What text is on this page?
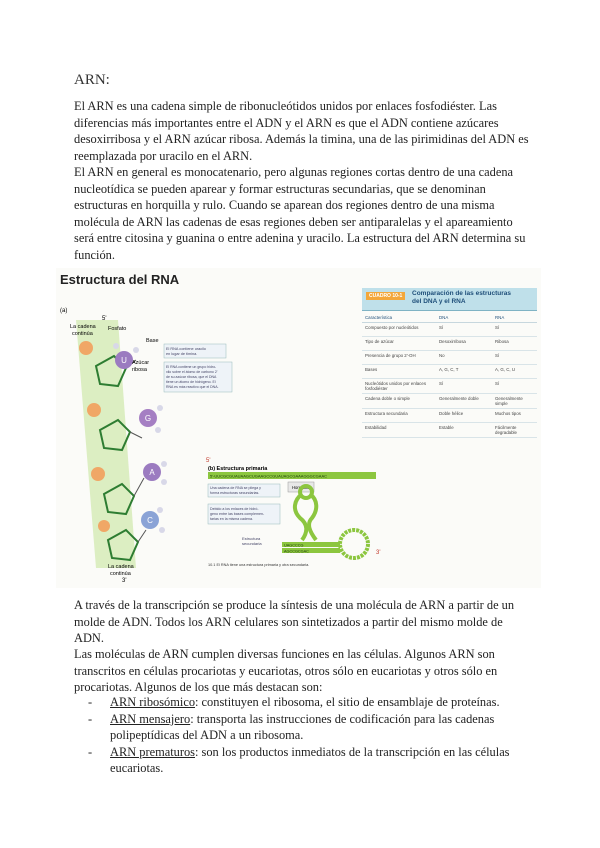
ARN:

El ARN es una cadena simple de ribonucleótidos unidos por enlaces fosfodiéster. Las diferencias más importantes entre el ADN y el ARN es que el ADN contiene azúcares desoxirribosa y el ARN azúcar ribosa. Además la timina, una de las pirimidinas del ADN es reemplazada por uracilo en el ARN.

El ARN en general es monocatenario, pero algunas regiones cortas dentro de una cadena nucleotídica se pueden aparear y formar estructuras secundarias, que se denominan estructuras en horquilla y rulo. Cuando se aparean dos regiones dentro de una misma molécula de ARN las cadenas de esas regiones deben ser antiparalelas y el apareamiento será entre citosina y guanina o entre adenina y uracilo. La estructura del ARN determina su función.

U
G
A
C
(a)
5'
La cadena
continúa
Fosfato
Base
Azúcar
ribosa
El RNA contiene uracilo
en lugar de timina.
El RNA contiene un grupo hidro-
xilo sobre el átomo de carbono 2'
de su azúcar ribosa, que el DNA
tiene un átomo de hidrógeno. El
RNA es más reactivo que el DNA.
La cadena
continúa
3'
5'
(b) Estructura primaria
5'-UUCGCGUAUAAGCUGAAGCCGUAUAGCGAAAGGGCGAAC
Una cadena de RNA se pliega y
forma estructuras secundarias.
Horquilla
Debido a los enlaces de hidró-
geno entre las bases complemen-
tarias en la misma cadena.
UAGCCCG
AGCCGCGAC	3'
Estructura
secundaria
10.1 El RNA tiene una estructura primaria y otra secundaria.
Estructura del RNA
CUADRO 10-1	Comparación de las estructuras
del DNA y el RNA
Característica	DNA	RNA
Compuesto por nucleótidos	Sí	Sí
Tipo de azúcar	Desoxirribosa	Ribosa
Presencia de grupo 2'-OH	No	Sí
Bases	A, G, C, T	A, G, C, U
Nucleótidos unidos por enlaces fosfodiéster	Sí	Sí
Cadena doble o simple	Generalmente doble	Generalmente simple
Estructura secundaria	Doble hélice	Muchos tipos
Estabilidad	Estable	Fácilmente degradable

A través de la transcripción se produce la síntesis de una molécula de ARN a partir de un molde de ADN. Todos los ARN celulares son sintetizados a partir del mismo molde de ADN.

Las moléculas de ARN cumplen diversas funciones en las células. Algunos ARN son transcritos en células procariotas y eucariotas, otros sólo en eucariotas y otros sólo en procariotas. Algunos de los que más destacan son:

- ARN ribosómico: constituyen el ribosoma, el sitio de ensamblaje de proteínas.
- ARN mensajero: transporta las instrucciones de codificación para las cadenas polipeptídicas del ADN a un ribosoma.
- ARN prematuros: son los productos inmediatos de la transcripción en las células eucariotas.
